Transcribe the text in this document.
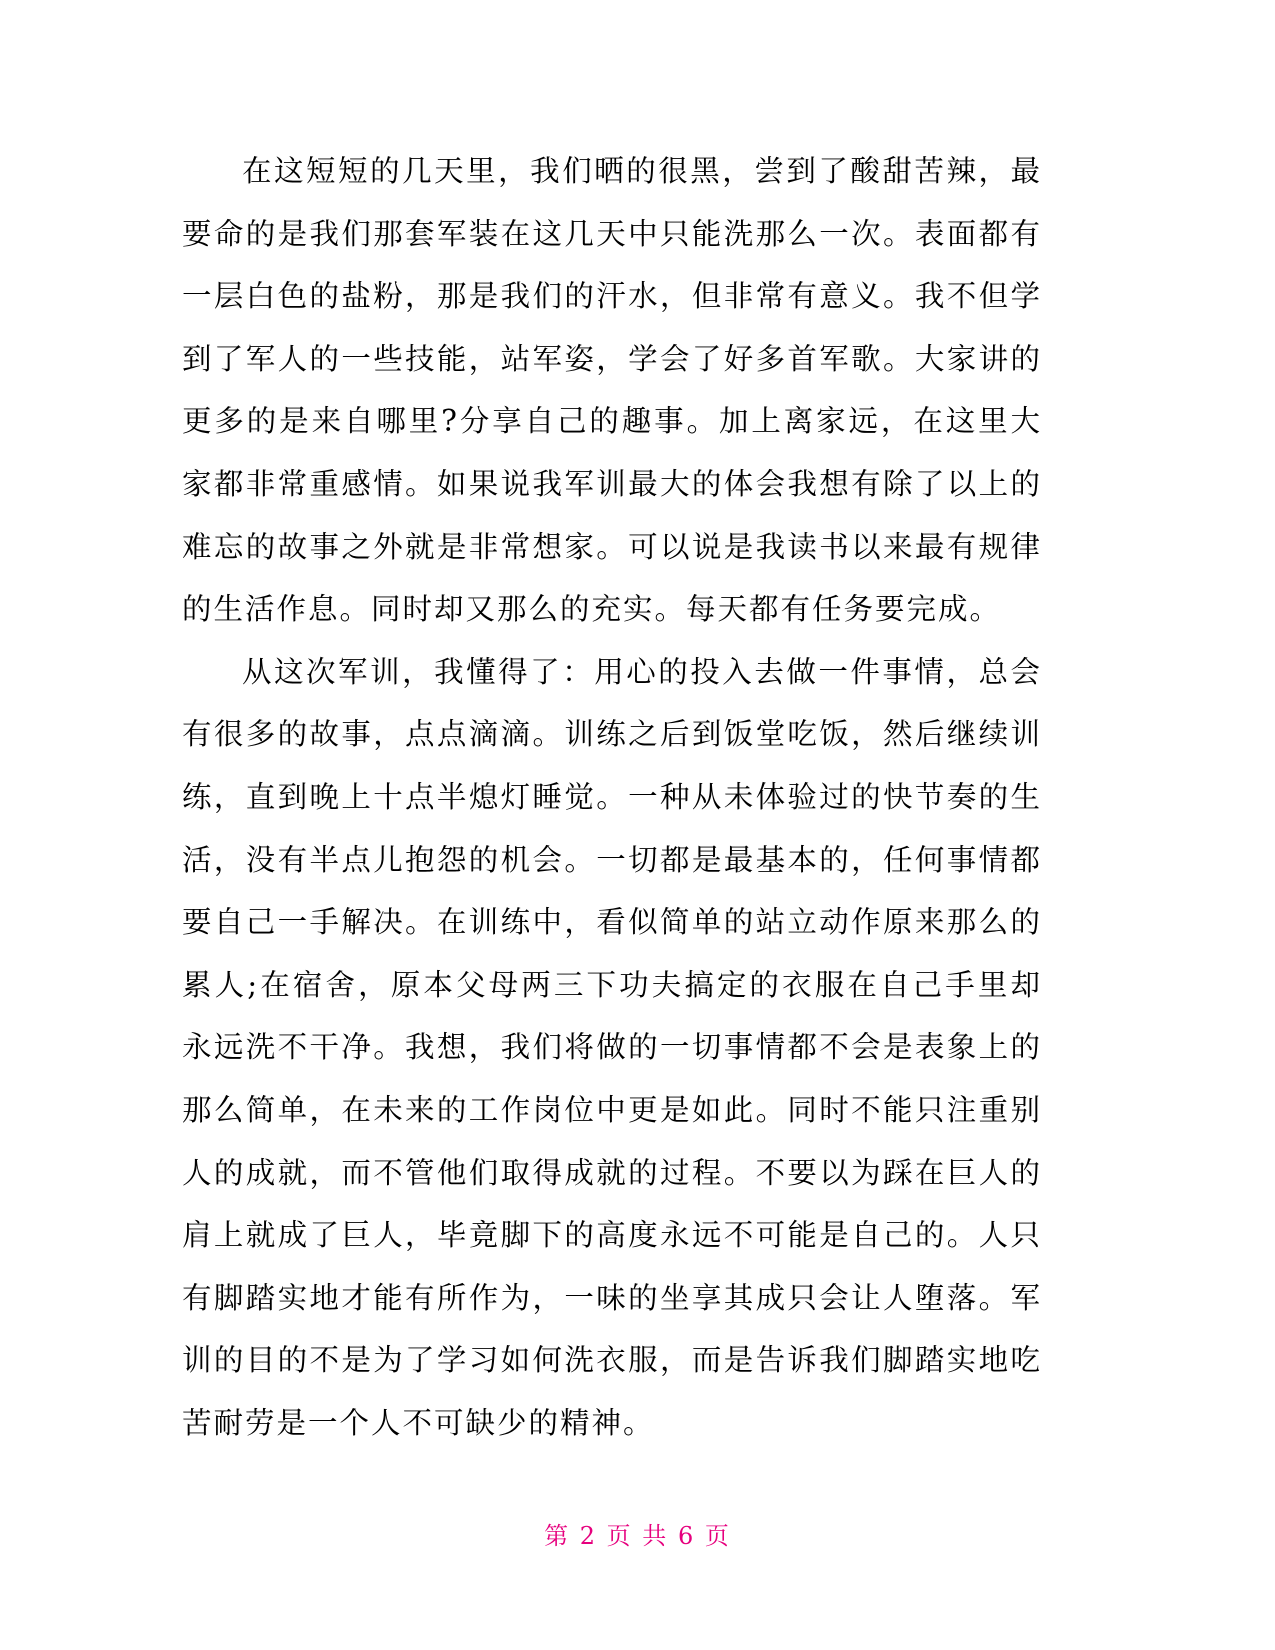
在这短短的几天里，我们晒的很黑，尝到了酸甜苦辣，最要命的是我们那套军装在这几天中只能洗那么一次。表面都有一层白色的盐粉，那是我们的汗水，但非常有意义。我不但学到了军人的一些技能，站军姿，学会了好多首军歌。大家讲的更多的是来自哪里?分享自己的趣事。加上离家远，在这里大家都非常重感情。如果说我军训最大的体会我想有除了以上的难忘的故事之外就是非常想家。可以说是我读书以来最有规律的生活作息。同时却又那么的充实。每天都有任务要完成。

从这次军训，我懂得了：用心的投入去做一件事情，总会有很多的故事，点点滴滴。训练之后到饭堂吃饭，然后继续训练，直到晚上十点半熄灯睡觉。一种从未体验过的快节奏的生活，没有半点儿抱怨的机会。一切都是最基本的，任何事情都要自己一手解决。在训练中，看似简单的站立动作原来那么的累人;在宿舍，原本父母两三下功夫搞定的衣服在自己手里却永远洗不干净。我想，我们将做的一切事情都不会是表象上的那么简单，在未来的工作岗位中更是如此。同时不能只注重别人的成就，而不管他们取得成就的过程。不要以为踩在巨人的肩上就成了巨人，毕竟脚下的高度永远不可能是自己的。人只有脚踏实地才能有所作为，一味的坐享其成只会让人堕落。军训的目的不是为了学习如何洗衣服，而是告诉我们脚踏实地吃苦耐劳是一个人不可缺少的精神。

第 2 页 共 6 页
